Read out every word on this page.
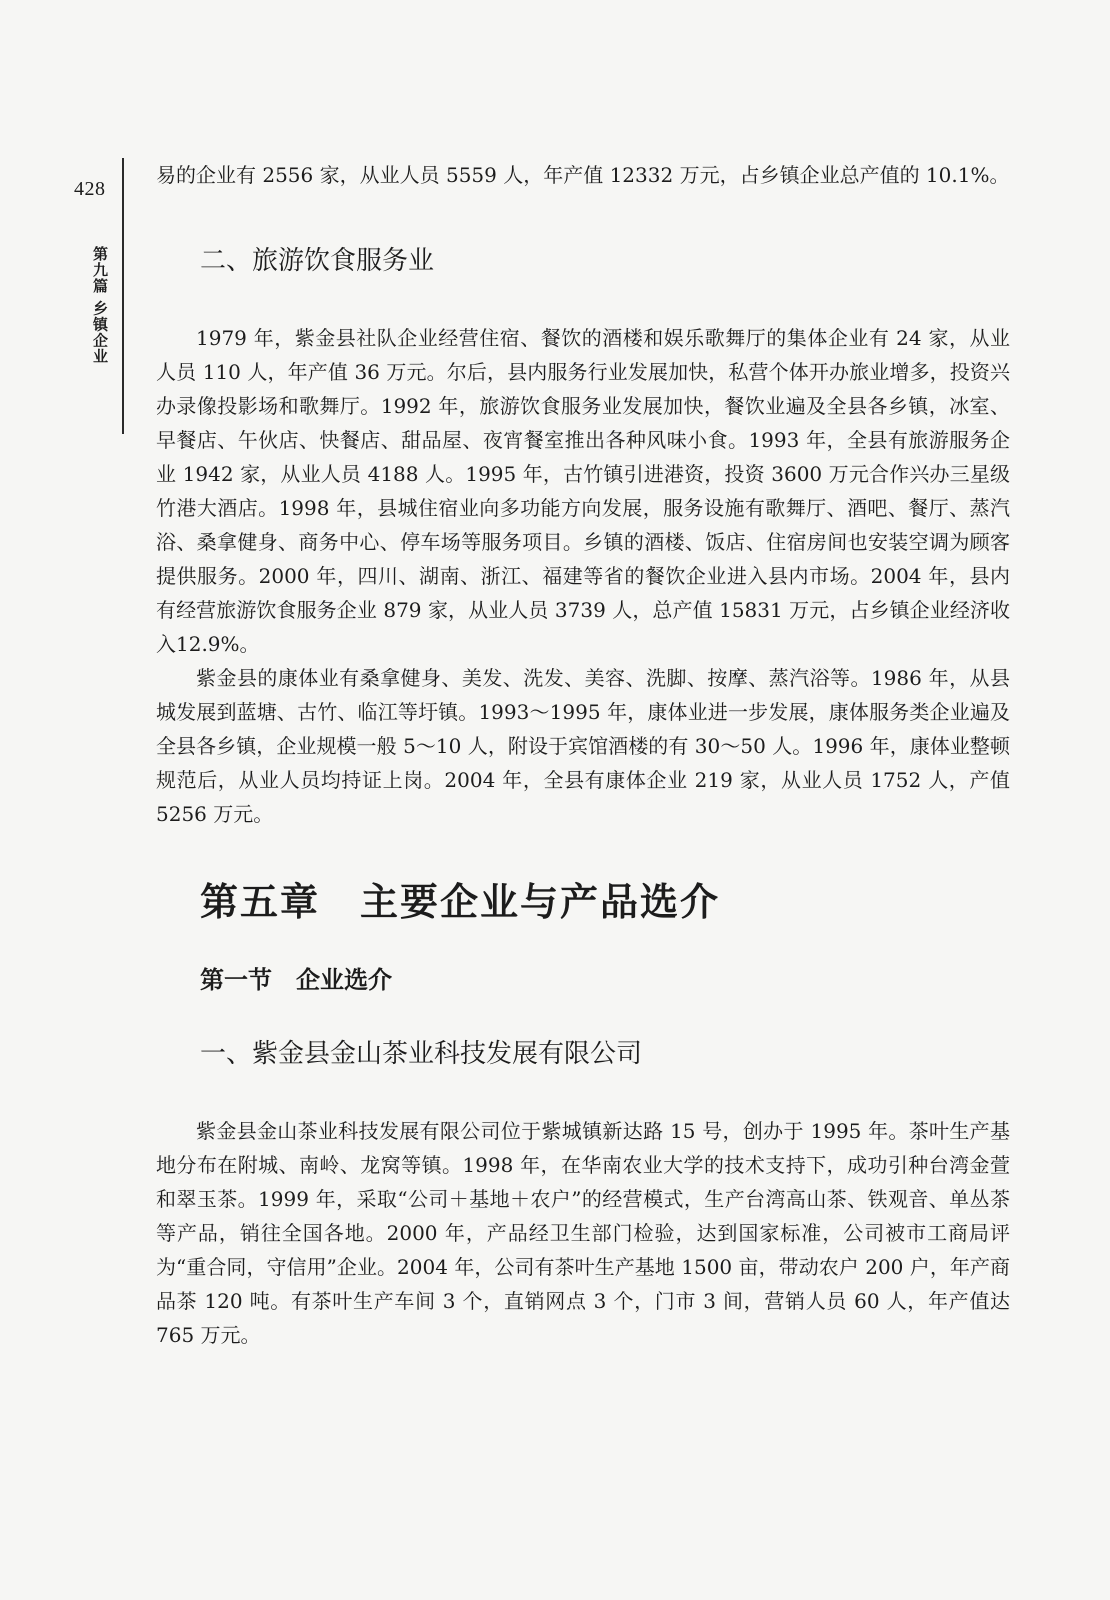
428
第九篇 乡镇企业

易的企业有 2556 家，从业人员 5559 人，年产值 12332 万元，占乡镇企业总产值的 10.1%。

二、旅游饮食服务业

1979 年，紫金县社队企业经营住宿、餐饮的酒楼和娱乐歌舞厅的集体企业有 24 家，从业人员 110 人，年产值 36 万元。尔后，县内服务行业发展加快，私营个体开办旅业增多，投资兴办录像投影场和歌舞厅。1992 年，旅游饮食服务业发展加快，餐饮业遍及全县各乡镇，冰室、早餐店、午伙店、快餐店、甜品屋、夜宵餐室推出各种风味小食。1993 年，全县有旅游服务企业 1942 家，从业人员 4188 人。1995 年，古竹镇引进港资，投资 3600 万元合作兴办三星级竹港大酒店。1998 年，县城住宿业向多功能方向发展，服务设施有歌舞厅、酒吧、餐厅、蒸汽浴、桑拿健身、商务中心、停车场等服务项目。乡镇的酒楼、饭店、住宿房间也安装空调为顾客提供服务。2000 年，四川、湖南、浙江、福建等省的餐饮企业进入县内市场。2004 年，县内有经营旅游饮食服务企业 879 家，从业人员 3739 人，总产值 15831 万元，占乡镇企业经济收入12.9%。

紫金县的康体业有桑拿健身、美发、洗发、美容、洗脚、按摩、蒸汽浴等。1986 年，从县城发展到蓝塘、古竹、临江等圩镇。1993～1995 年，康体业进一步发展，康体服务类企业遍及全县各乡镇，企业规模一般 5～10 人，附设于宾馆酒楼的有 30～50 人。1996 年，康体业整顿规范后，从业人员均持证上岗。2004 年，全县有康体企业 219 家，从业人员 1752 人，产值 5256 万元。

第五章　主要企业与产品选介
第一节　企业选介
一、紫金县金山茶业科技发展有限公司

紫金县金山茶业科技发展有限公司位于紫城镇新达路 15 号，创办于 1995 年。茶叶生产基地分布在附城、南岭、龙窝等镇。1998 年，在华南农业大学的技术支持下，成功引种台湾金萱和翠玉茶。1999 年，采取“公司＋基地＋农户”的经营模式，生产台湾高山茶、铁观音、单丛茶等产品，销往全国各地。2000 年，产品经卫生部门检验，达到国家标准，公司被市工商局评为“重合同，守信用”企业。2004 年，公司有茶叶生产基地 1500 亩，带动农户 200 户，年产商品茶 120 吨。有茶叶生产车间 3 个，直销网点 3 个，门市 3 间，营销人员 60 人，年产值达 765 万元。
